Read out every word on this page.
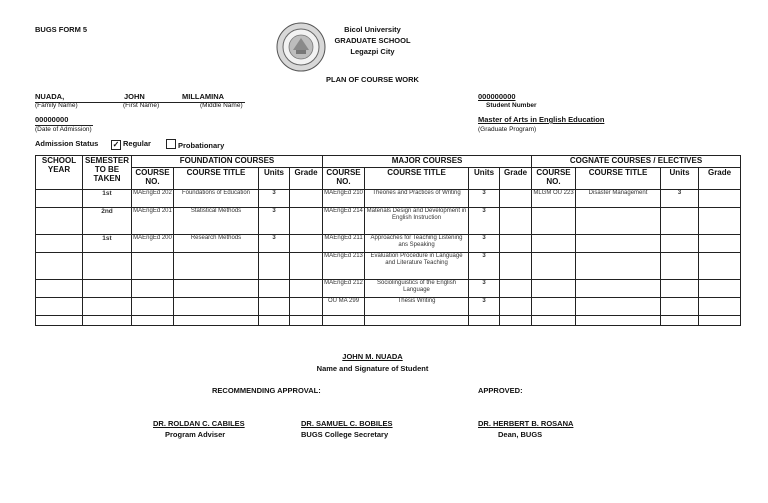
BUGS FORM 5	Bicol University
GRADUATE SCHOOL
Legazpi City
PLAN OF COURSE WORK
NUADA,	JOHN	MILLAMINA
(Family Name)	(First Name)	(Middle Name)
000000000
Student Number
00000000
(Date of Admission)
Master of Arts in English Education
(Graduate Program)
Admission Status ✓ Regular	Probationary
SCHOOL YEAR	SEMESTER TO BE TAKEN	FOUNDATION COURSES				MAJOR COURSES				COGNATE COURSES / ELECTIVES			
		COURSE NO.	COURSE TITLE	Units	Grade	COURSE NO.	COURSE TITLE	Units	Grade	COURSE NO.	COURSE TITLE	Units	Grade
	1st	MAEngEd 202	Foundations of Education	3		MAEngEd 210	Theories and Practices of Writing	3		MLGM OU 223	Disaster Management	3	
	2nd	MAEngEd 201	Statistical Methods	3		MAEngEd 214	Materials Design and Development in English Instruction	3					
	1st	MAEngEd 200	Research Methods	3		MAEngEd 211	Approaches for Teaching Listening ans Speaking	3					
						MAEngEd 213	Evaluation Procedure in Language and Literature Teaching	3					
						MAEngEd 212	Sociolinguistics of the English Language	3					
						OU MA 299	Thesis Writing	3					

JOHN M. NUADA
Name and Signature of Student
RECOMMENDING APPROVAL:	APPROVED:
DR. ROLDAN C. CABILES
Program Adviser
DR. SAMUEL C. BOBILES
BUGS College Secretary
DR. HERBERT B. ROSANA
Dean, BUGS
